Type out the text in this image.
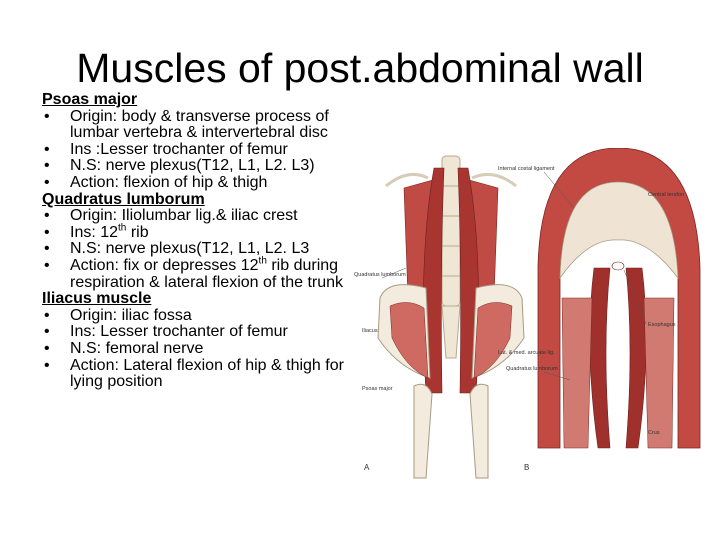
Muscles of post.abdominal wall
Psoas major
• Origin: body & transverse process of lumbar vertebra & intervertebral disc
• Ins :Lesser trochanter of femur
• N.S: nerve plexus(T12, L1, L2. L3)
• Action: flexion of hip & thigh
Quadratus lumborum
• Origin: Iliolumbar lig.& iliac crest
• Ins: 12th rib
• N.S: nerve plexus(T12, L1, L2. L3
• Action: fix or depresses 12th rib during respiration & lateral flexion of the trunk
Iliacus muscle
• Origin: iliac fossa
• Ins: Lesser trochanter of femur
• N.S: femoral nerve
• Action: Lateral flexion of hip & thigh for lying position
Quadratus lumborum
Iliacus
Psoas major
A
Internal costal ligament
Central tendon
Esophagus
Lat. & med. arcuate lig.
Quadratus lumborum
Crus
B
